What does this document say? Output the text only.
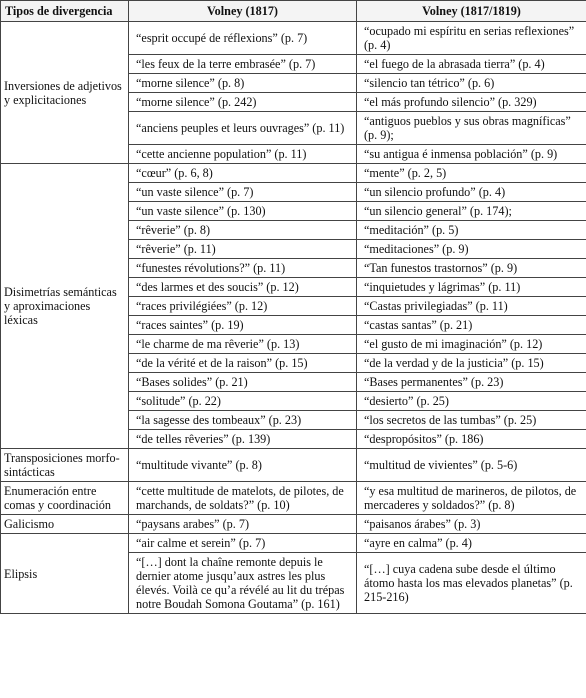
Tipos de divergencia	Volney (1817)	Volney (1817/1819)
Inversiones de adjetivos y explicitaciones	“esprit occupé de réflexions” (p. 7)	“ocupado mi espíritu en serias reflexiones” (p. 4)
	“les feux de la terre embrasée” (p. 7)	“el fuego de la abrasada tierra” (p. 4)
	“morne silence” (p. 8)	“silencio tan tétrico” (p. 6)
	“morne silence” (p. 242)	“el más profundo silencio” (p. 329)
	“anciens peuples et leurs ouvrages” (p. 11)	“antiguos pueblos y sus obras magníficas” (p. 9);
	“cette ancienne population” (p. 11)	“su antigua é inmensa población” (p. 9)
Disimetrías semánticas y aproximaciones léxicas	“cœur” (p. 6, 8)	“mente” (p. 2, 5)
	“un vaste silence” (p. 7)	“un silencio profundo” (p. 4)
	“un vaste silence” (p. 130)	“un silencio general” (p. 174);
	“rêverie” (p. 8)	“meditación” (p. 5)
	“rêverie” (p. 11)	“meditaciones” (p. 9)
	“funestes révolutions?” (p. 11)	“Tan funestos trastornos” (p. 9)
	“des larmes et des soucis” (p. 12)	“inquietudes y lágrimas” (p. 11)
	“races privilégiées” (p. 12)	“Castas privilegiadas” (p. 11)
	“races saintes” (p. 19)	“castas santas” (p. 21)
	“le charme de ma rêverie” (p. 13)	“el gusto de mi imaginación” (p. 12)
	“de la vérité et de la raison” (p. 15)	“de la verdad y de la justicia” (p. 15)
	“Bases solides” (p. 21)	“Bases permanentes” (p. 23)
	“solitude” (p. 22)	“desierto” (p. 25)
	“la sagesse des tombeaux” (p. 23)	“los secretos de las tumbas” (p. 25)
	“de telles rêveries” (p. 139)	“despropósitos” (p. 186)
Transposiciones morfo-sintácticas	“multitude vivante” (p. 8)	“multitud de vivientes” (p. 5-6)
Enumeración entre comas y coordinación	“cette multitude de matelots, de pilotes, de marchands, de soldats?” (p. 10)	“y esa multitud de marineros, de pilotos, de mercaderes y soldados?” (p. 8)
Galicismo	“paysans arabes” (p. 7)	“paisanos árabes” (p. 3)
Elipsis	“air calme et serein” (p. 7)	“ayre en calma” (p. 4)
	“[…] dont la chaîne remonte depuis le dernier atome jusqu’aux astres les plus élevés. Voilà ce qu’a révélé au lit du trépas notre Boudah Somona Goutama” (p. 161)	“[…] cuya cadena sube desde el último átomo hasta los mas elevados planetas” (p. 215-216)
